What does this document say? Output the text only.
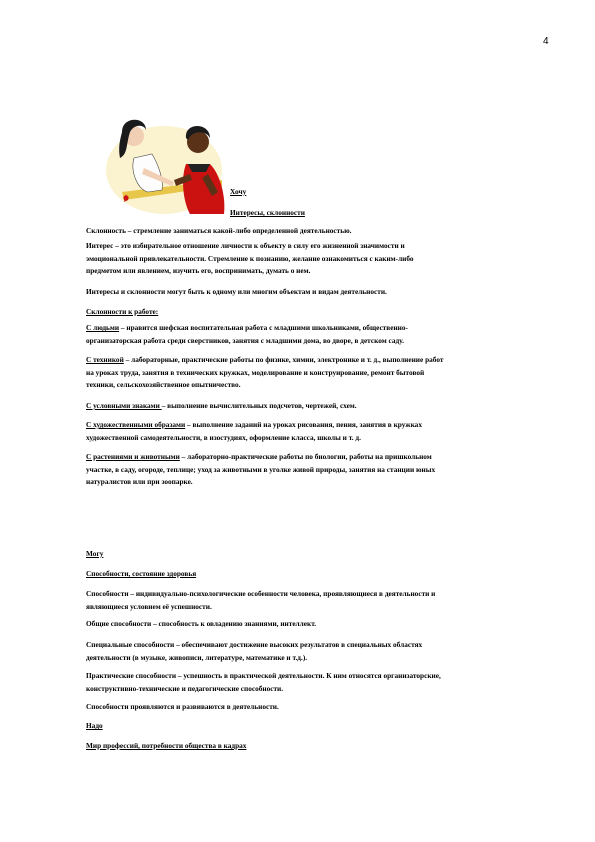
4

Хочу

Интересы, склонности

Склонность – стремление заниматься какой-либо определенной деятельностью.

Интерес – это избирательное отношение личности к объекту в силу его жизненной значимости и

эмоциональной привлекательности. Стремление к познанию, желание ознакомиться с каким-либо

предметом или явлением, изучить его, воспринимать, думать о нем.

Интересы и склонности могут быть к одному или многим объектам и видам деятельности.

Склонности к работе:

С людьми – нравится шефская воспитательная работа с младшими школьниками, общественно-

организаторская работа среди сверстников, занятия с младшими дома, во дворе, в детском саду.

С техникой – лабораторные, практические работы по физике, химии, электронике и т. д., выполнение работ

на уроках труда, занятия в технических кружках, моделирование и конструирование, ремонт бытовой

техники, сельскохозяйственное опытничество.

С условными знаками – выполнение вычислительных подсчетов, чертежей, схем.

С художественными образами – выполнение заданий на уроках рисования, пения, занятия в кружках

художественной самодеятельности, в изостудиях, оформление класса, школы и т. д.

С растениями и животными – лабораторно-практические работы по биологии, работы на пришкольном

участке, в саду, огороде, теплице; уход за животными в уголке живой природы, занятия на станции юных

натуралистов или при зоопарке.

Могу

Способности, состояние здоровья

Способности – индивидуально-психологические особенности человека, проявляющиеся в деятельности и

являющиеся условием её успешности.

Общие способности – способность к овладению знаниями, интеллект.

Специальные способности – обеспечивают достижение высоких результатов в специальных областях

деятельности (в музыке, живописи, литературе, математике и т.д.).

Практические способности – успешность в практической деятельности. К ним относятся организаторские,

конструктивно-технические и педагогические способности.

Способности проявляются и развиваются в деятельности.

Надо

Мир профессий, потребности общества в кадрах
